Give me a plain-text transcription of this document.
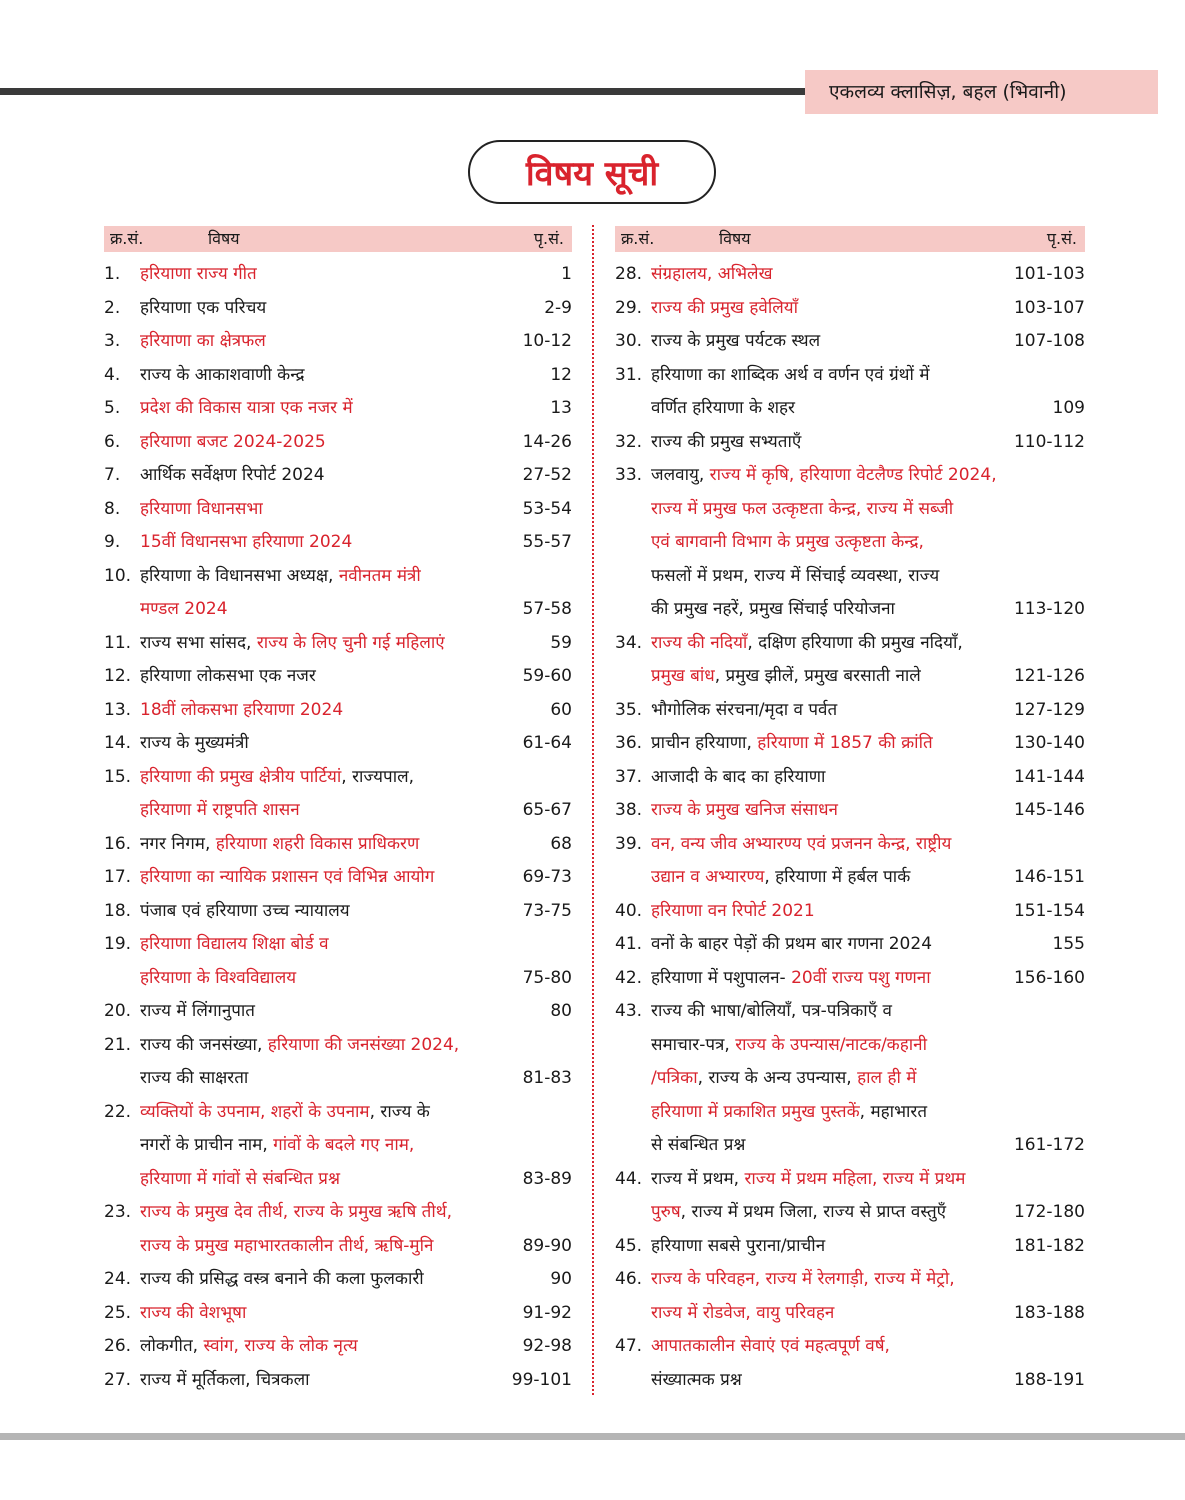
एकलव्य क्लासिज़, बहल (भिवानी)
विषय सूची
क्र.सं.	विषय	पृ.सं.
1.	हरियाणा राज्य गीत	1
2.	हरियाणा एक परिचय	2-9
3.	हरियाणा का क्षेत्रफल	10-12
4.	राज्य के आकाशवाणी केन्द्र	12
5.	प्रदेश की विकास यात्रा एक नजर में	13
6.	हरियाणा बजट 2024-2025	14-26
7.	आर्थिक सर्वेक्षण रिपोर्ट 2024	27-52
8.	हरियाणा विधानसभा	53-54
9.	15वीं विधानसभा हरियाणा 2024	55-57
10. हरियाणा के विधानसभा अध्यक्ष, नवीनतम मंत्री
मण्डल 2024	57-58
11. राज्य सभा सांसद, राज्य के लिए चुनी गई महिलाएं	59
12. हरियाणा लोकसभा एक नजर	59-60
13. 18वीं लोकसभा हरियाणा 2024	60
14. राज्य के मुख्यमंत्री	61-64
15. हरियाणा की प्रमुख क्षेत्रीय पार्टियां, राज्यपाल,
हरियाणा में राष्ट्रपति शासन	65-67
16. नगर निगम, हरियाणा शहरी विकास प्राधिकरण	68
17. हरियाणा का न्यायिक प्रशासन एवं विभिन्न आयोग	69-73
18. पंजाब एवं हरियाणा उच्च न्यायालय	73-75
19. हरियाणा विद्यालय शिक्षा बोर्ड व
हरियाणा के विश्वविद्यालय	75-80
20. राज्य में लिंगानुपात	80
21. राज्य की जनसंख्या, हरियाणा की जनसंख्या 2024,
राज्य की साक्षरता	81-83
22. व्यक्तियों के उपनाम, शहरों के उपनाम, राज्य के
नगरों के प्राचीन नाम, गांवों के बदले गए नाम,
हरियाणा में गांवों से संबन्धित प्रश्न	83-89
23. राज्य के प्रमुख देव तीर्थ, राज्य के प्रमुख ऋषि तीर्थ,
राज्य के प्रमुख महाभारतकालीन तीर्थ, ऋषि-मुनि	89-90
24. राज्य की प्रसिद्ध वस्त्र बनाने की कला फुलकारी	90
25. राज्य की वेशभूषा	91-92
26. लोकगीत, स्वांग, राज्य के लोक नृत्य	92-98
27. राज्य में मूर्तिकला, चित्रकला	99-101
क्र.सं.	विषय	पृ.सं.
28. संग्रहालय, अभिलेख	101-103
29. राज्य की प्रमुख हवेलियाँ	103-107
30. राज्य के प्रमुख पर्यटक स्थल	107-108
31. हरियाणा का शाब्दिक अर्थ व वर्णन एवं ग्रंथों में
वर्णित हरियाणा के शहर	109
32. राज्य की प्रमुख सभ्यताएँ	110-112
33. जलवायु, राज्य में कृषि, हरियाणा वेटलैण्ड रिपोर्ट 2024,
राज्य में प्रमुख फल उत्कृष्टता केन्द्र, राज्य में सब्जी
एवं बागवानी विभाग के प्रमुख उत्कृष्टता केन्द्र,
फसलों में प्रथम, राज्य में सिंचाई व्यवस्था, राज्य
की प्रमुख नहरें, प्रमुख सिंचाई परियोजना	113-120
34. राज्य की नदियाँ, दक्षिण हरियाणा की प्रमुख नदियाँ,
प्रमुख बांध, प्रमुख झीलें, प्रमुख बरसाती नाले	121-126
35. भौगोलिक संरचना/मृदा व पर्वत	127-129
36. प्राचीन हरियाणा, हरियाणा में 1857 की क्रांति	130-140
37. आजादी के बाद का हरियाणा	141-144
38. राज्य के प्रमुख खनिज संसाधन	145-146
39. वन, वन्य जीव अभ्यारण्य एवं प्रजनन केन्द्र, राष्ट्रीय
उद्यान व अभ्यारण्य, हरियाणा में हर्बल पार्क	146-151
40. हरियाणा वन रिपोर्ट 2021	151-154
41. वनों के बाहर पेड़ों की प्रथम बार गणना 2024	155
42. हरियाणा में पशुपालन- 20वीं राज्य पशु गणना	156-160
43. राज्य की भाषा/बोलियाँ, पत्र-पत्रिकाएँ व
समाचार-पत्र, राज्य के उपन्यास/नाटक/कहानी
/पत्रिका, राज्य के अन्य उपन्यास, हाल ही में
हरियाणा में प्रकाशित प्रमुख पुस्तकें, महाभारत
से संबन्धित प्रश्न	161-172
44. राज्य में प्रथम, राज्य में प्रथम महिला, राज्य में प्रथम
पुरुष, राज्य में प्रथम जिला, राज्य से प्राप्त वस्तुएँ	172-180
45. हरियाणा सबसे पुराना/प्राचीन	181-182
46. राज्य के परिवहन, राज्य में रेलगाड़ी, राज्य में मेट्रो,
राज्य में रोडवेज, वायु परिवहन	183-188
47. आपातकालीन सेवाएं एवं महत्वपूर्ण वर्ष,
संख्यात्मक प्रश्न	188-191
